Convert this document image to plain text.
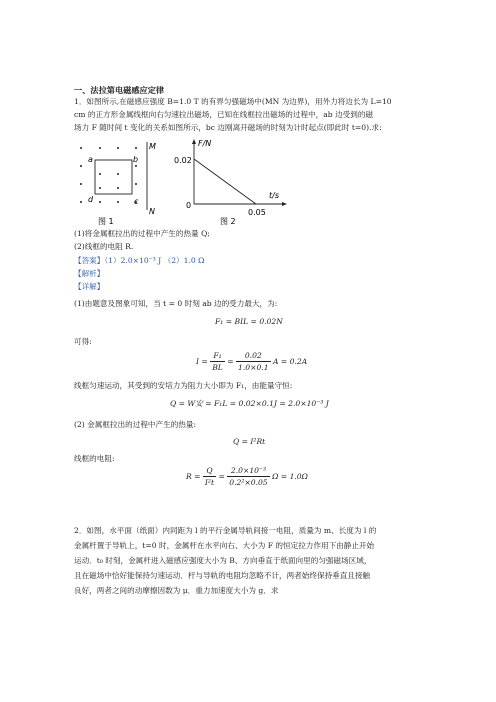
一、法拉第电磁感应定律
1．如图所示,在磁感应强度 B=1.0 T 的有界匀强磁场中(MN 为边界)，用外力将边长为 L=10
cm 的正方形金属线框向右匀速拉出磁场，已知在线框拉出磁场的过程中，ab 边受到的磁
场力 F 随时间 t 变化的关系如图所示，bc 边刚离开磁场的时刻为计时起点(即此时 t=0).求:
a	b
d	c
M
N
图 1
F/N
t/s
0.02
0
0.05
图 2
(1)将金属框拉出的过程中产生的热量 Q;
(2)线框的电阻 R.
【答案】（1）2.0×10⁻³ J （2）1.0 Ω
【解析】
【详解】
(1)由题意及图象可知，当 t = 0 时刻 ab 边的受力最大，为:
F₁ = BIL = 0.02N
可得:
$I = \frac{\text{F₁}}{BL} = \frac{0.02}{1.0\times 0.1}$ A = 0.2A
线框匀速运动，其受到的安培力为阻力大小即为 F₁，由能量守恒:
Q = W安 = F₁L = 0.02×0.1J = 2.0×10⁻³ J
(2) 金属框拉出的过程中产生的热量:
Q = I²Rt
线框的电阻:
$R = \frac{Q}{\text{I²t}} = \frac{\text{2.0×10⁻³}}{\text{0.2²×0.05}}$ Ω = 1.0Ω
2．如图，水平面（纸面）内同距为 l 的平行金属导轨间接一电阻，质量为 m、长度为 l 的
金属杆置于导轨上，t=0 时，金属杆在水平向右、大小为 F 的恒定拉力作用下由静止开始
运动．t₀ 时刻，金属杆进入磁感应强度大小为 B、方向垂直于纸面向里的匀强磁场区域，
且在磁场中恰好能保持匀速运动．杆与导轨的电阻均忽略不计，两者始终保持垂直且接触
良好，两者之间的动摩擦因数为 μ．重力加速度大小为 g．求
